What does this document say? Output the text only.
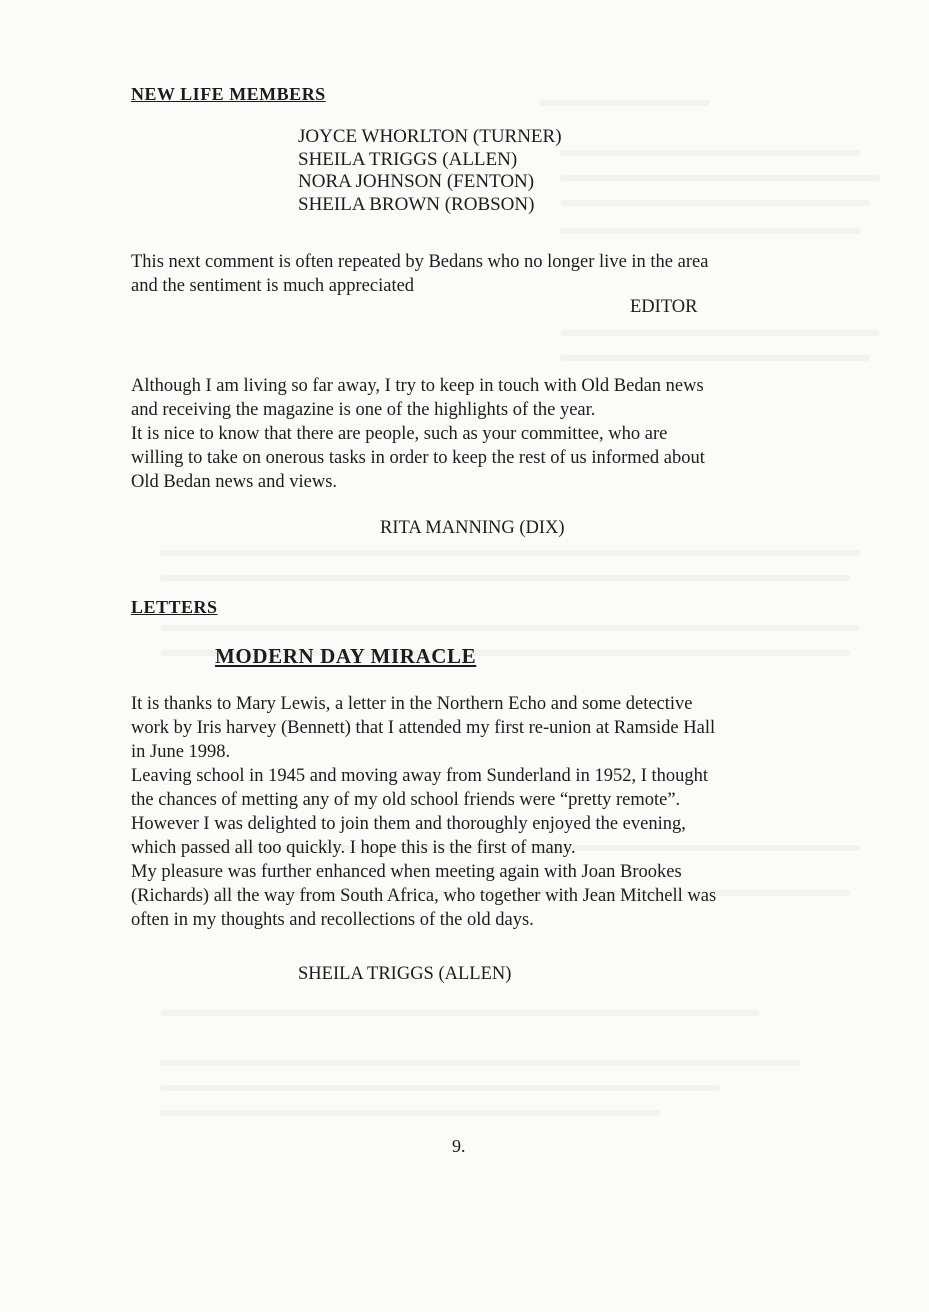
NEW LIFE MEMBERS
JOYCE WHORLTON (TURNER)
SHEILA TRIGGS (ALLEN)
NORA JOHNSON (FENTON)
SHEILA BROWN (ROBSON)
This next comment is often repeated by Bedans who no longer live in the area
and the sentiment is much appreciated
EDITOR
Although I am living so far away, I try to keep in touch with Old Bedan news
and receiving the magazine is one of the highlights of the year.
It is nice to know that there are people, such as your committee, who are
willing to take on onerous tasks in order to keep the rest of us informed about
Old Bedan news and views.
RITA MANNING (DIX)
LETTERS
MODERN DAY MIRACLE
It is thanks to Mary Lewis, a letter in the Northern Echo and some detective
work by Iris harvey (Bennett) that I attended my first re-union at Ramside Hall
in June 1998.
Leaving school in 1945 and moving away from Sunderland in 1952, I thought
the chances of metting any of my old school friends were “pretty remote”.
However I was delighted to join them and thoroughly enjoyed the evening,
which passed all too quickly. I hope this is the first of many.
My pleasure was further enhanced when meeting again with Joan Brookes
(Richards) all the way from South Africa, who together with Jean Mitchell was
often in my thoughts and recollections of the old days.
SHEILA TRIGGS (ALLEN)
9.
